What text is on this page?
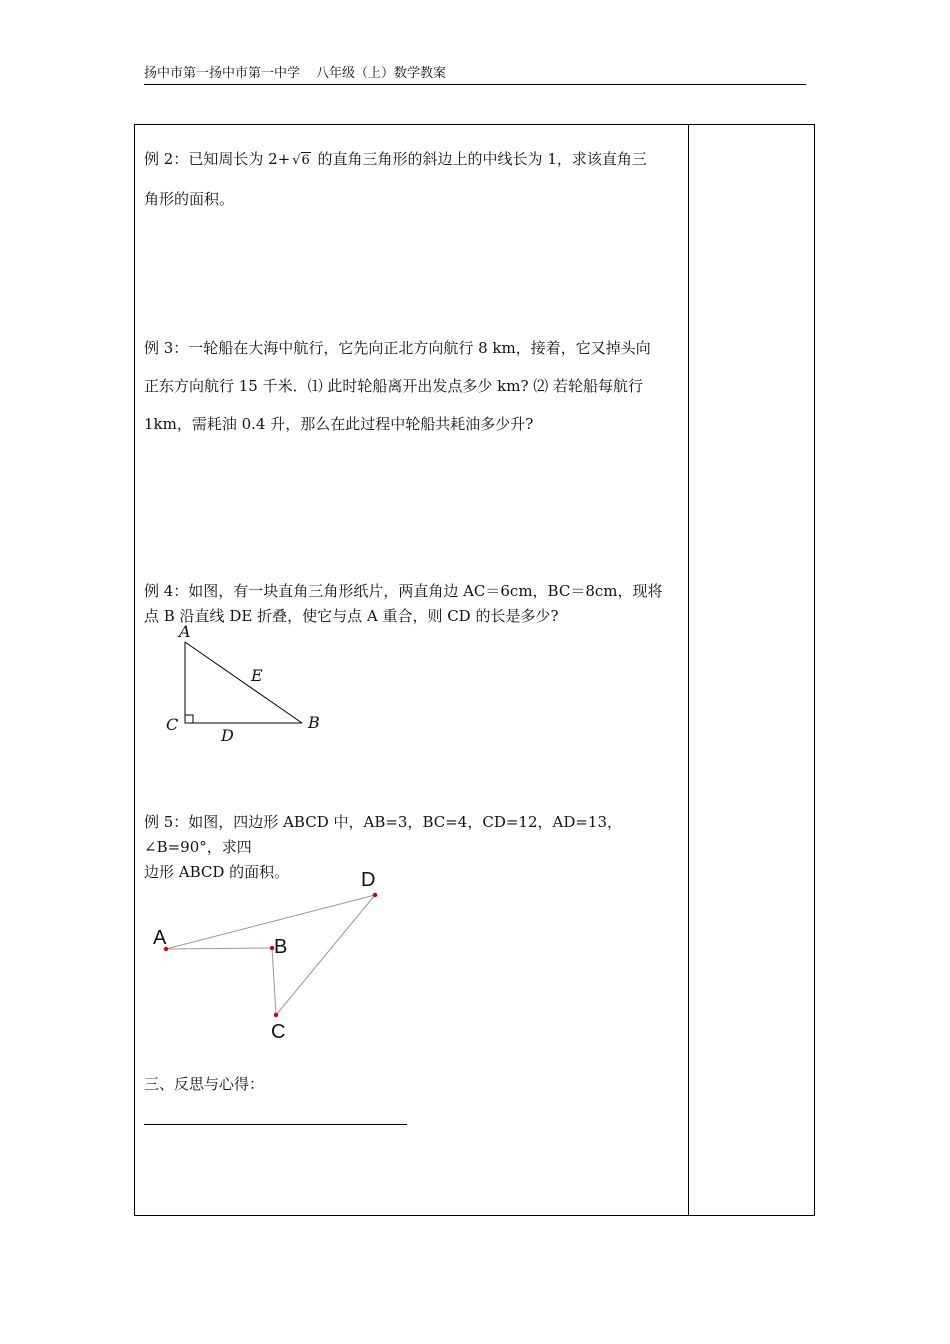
扬中市第一扬中市第一中学 八年级（上）数学教案
例 2：已知周长为 2+ √6 的直角三角形的斜边上的中线长为 1，求该直角三
角形的面积。
例 3：一轮船在大海中航行，它先向正北方向航行 8 km，接着，它又掉头向
正东方向航行 15 千米．⑴ 此时轮船离开出发点多少 km? ⑵ 若轮船每航行
1km，需耗油 0.4 升，那么在此过程中轮船共耗油多少升?
例 4：如图，有一块直角三角形纸片，两直角边 AC＝6cm，BC＝8cm，现将
点 B 沿直线 DE 折叠，使它与点 A 重合，则 CD 的长是多少?
A
E
C	B
D
例 5：如图，四边形 ABCD 中，AB=3，BC=4，CD=12，AD=13，∠B=90°，求四
边形 ABCD 的面积。
A	B
C
D
三、反思与心得：
